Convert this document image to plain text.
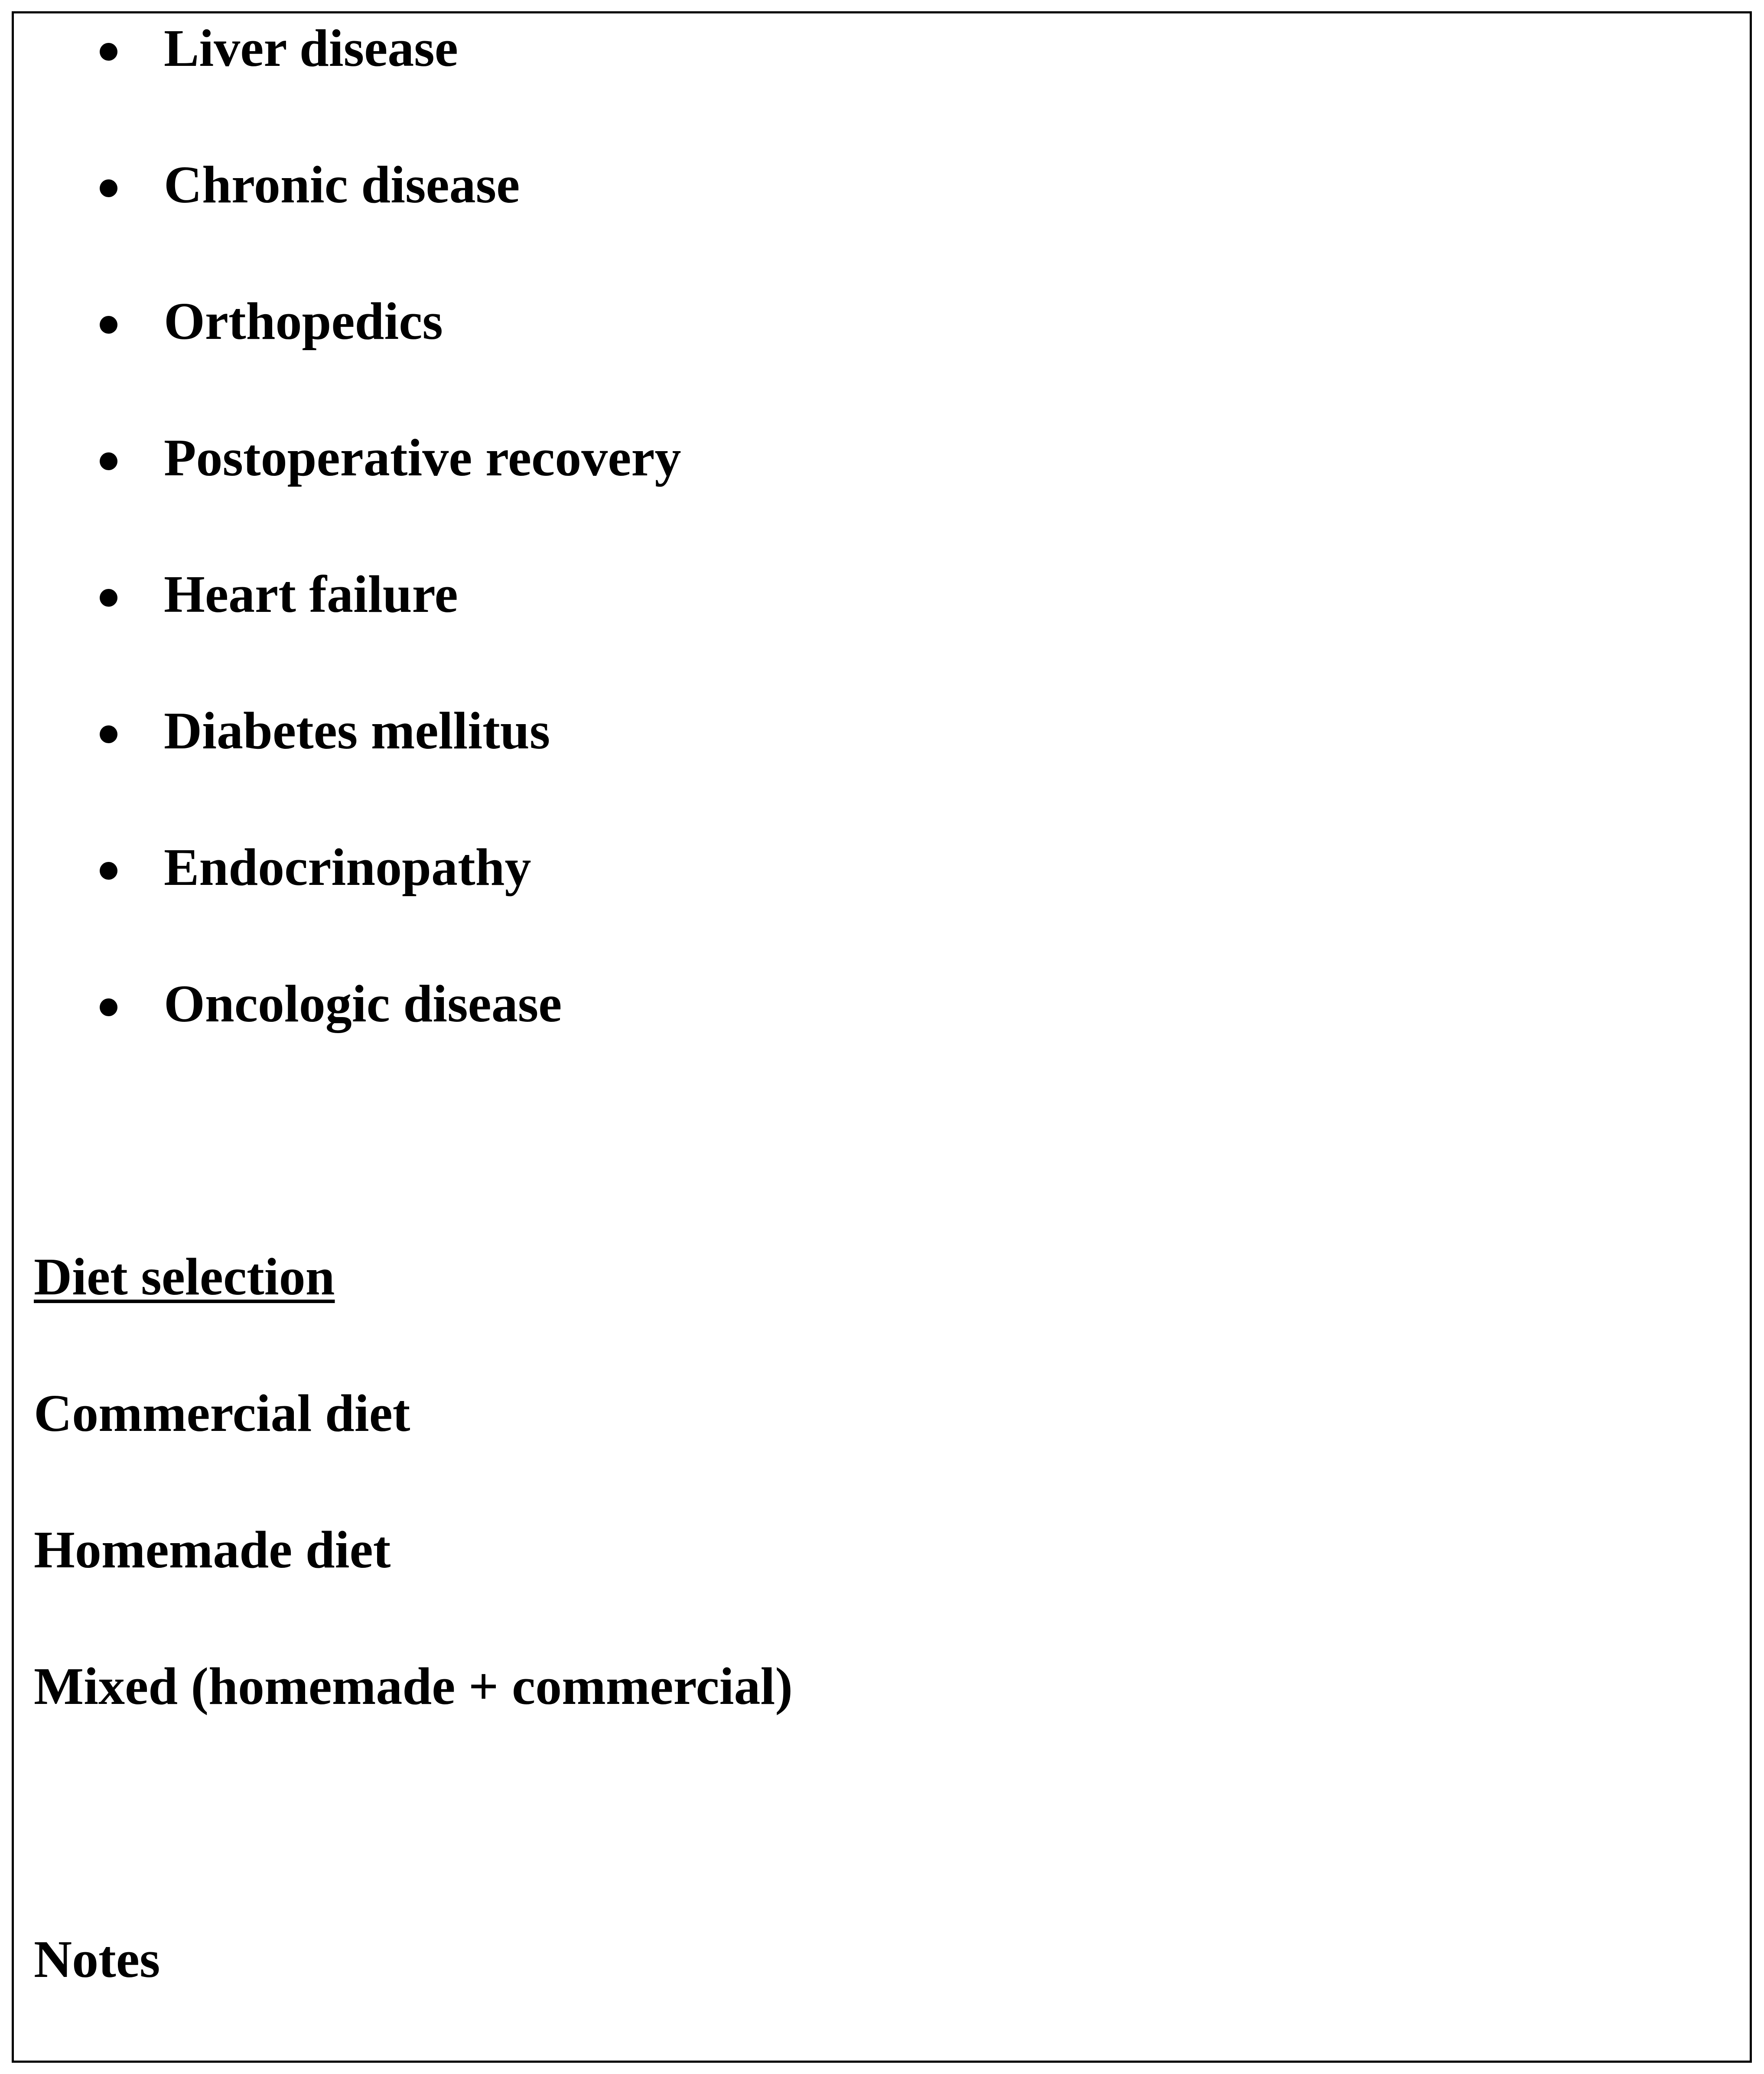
Liver disease
Chronic disease
Orthopedics
Postoperative recovery
Heart failure
Diabetes mellitus
Endocrinopathy
Oncologic disease
Diet selection
Commercial diet
Homemade diet
Mixed (homemade + commercial)
Notes
